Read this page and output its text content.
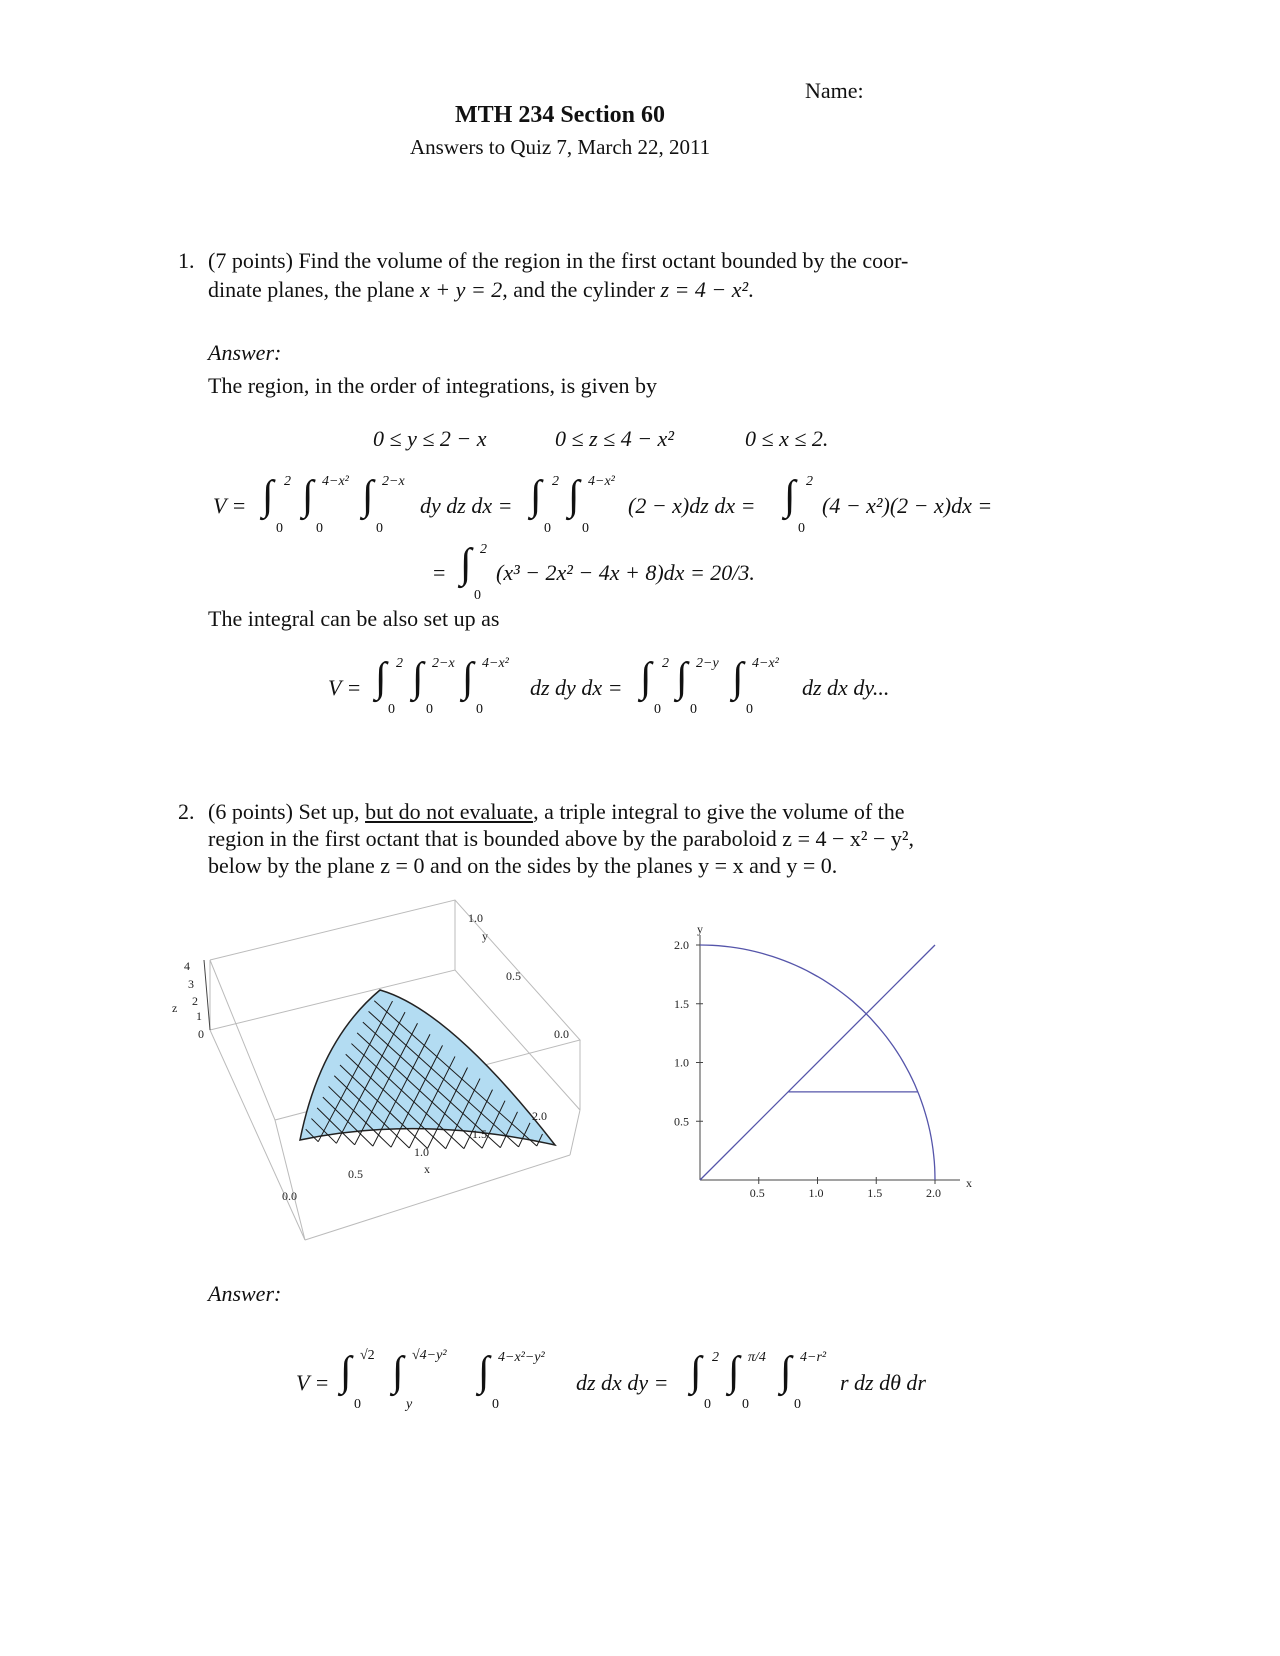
Name:
MTH 234 Section 60
Answers to Quiz 7, March 22, 2011
1. (7 points) Find the volume of the region in the first octant bounded by the coor-
dinate planes, the plane x + y = 2, and the cylinder z = 4 − x².
Answer:
The region, in the order of integrations, is given by
0 ≤ y ≤ 2 − x	0 ≤ z ≤ 4 − x²	0 ≤ x ≤ 2.
V = ∫ 2
0
∫ 4−x²
0
∫ 2−x
0
dy dz dx = ∫ 2
0
∫ 4−x²
0
(2 − x)dz dx = ∫ 2
0
(4 − x²)(2 − x)dx =
= ∫ 2
0
(x³ − 2x² − 4x + 8)dx = 20/3.
The integral can be also set up as
V = ∫ 2
0
∫ 2−x
0
∫ 4−x²
0
dz dy dx = ∫ 2
0
∫ 2−y
0
∫ 4−x²
0
dz dx dy...
2. (6 points) Set up, but do not evaluate, a triple integral to give the volume of the
region in the first octant that is bounded above by the paraboloid z = 4 − x² − y²,
below by the plane z = 0 and on the sides by the planes y = x and y = 0.
z
4
3
2
1
0
y
1.0
0.5
0.0
0.0
0.5
1.0
x
1.5
2.0
y
x
2.0
1.5
1.0
0.5
0.5	1.0	1.5	2.0
Answer:
V = ∫ √2
0
∫ √4−y²
y
∫ 4−x²−y²
0
dz dx dy = ∫ 2
0
∫ π/4
0
∫ 4−r²
0
r dz dθ dr
